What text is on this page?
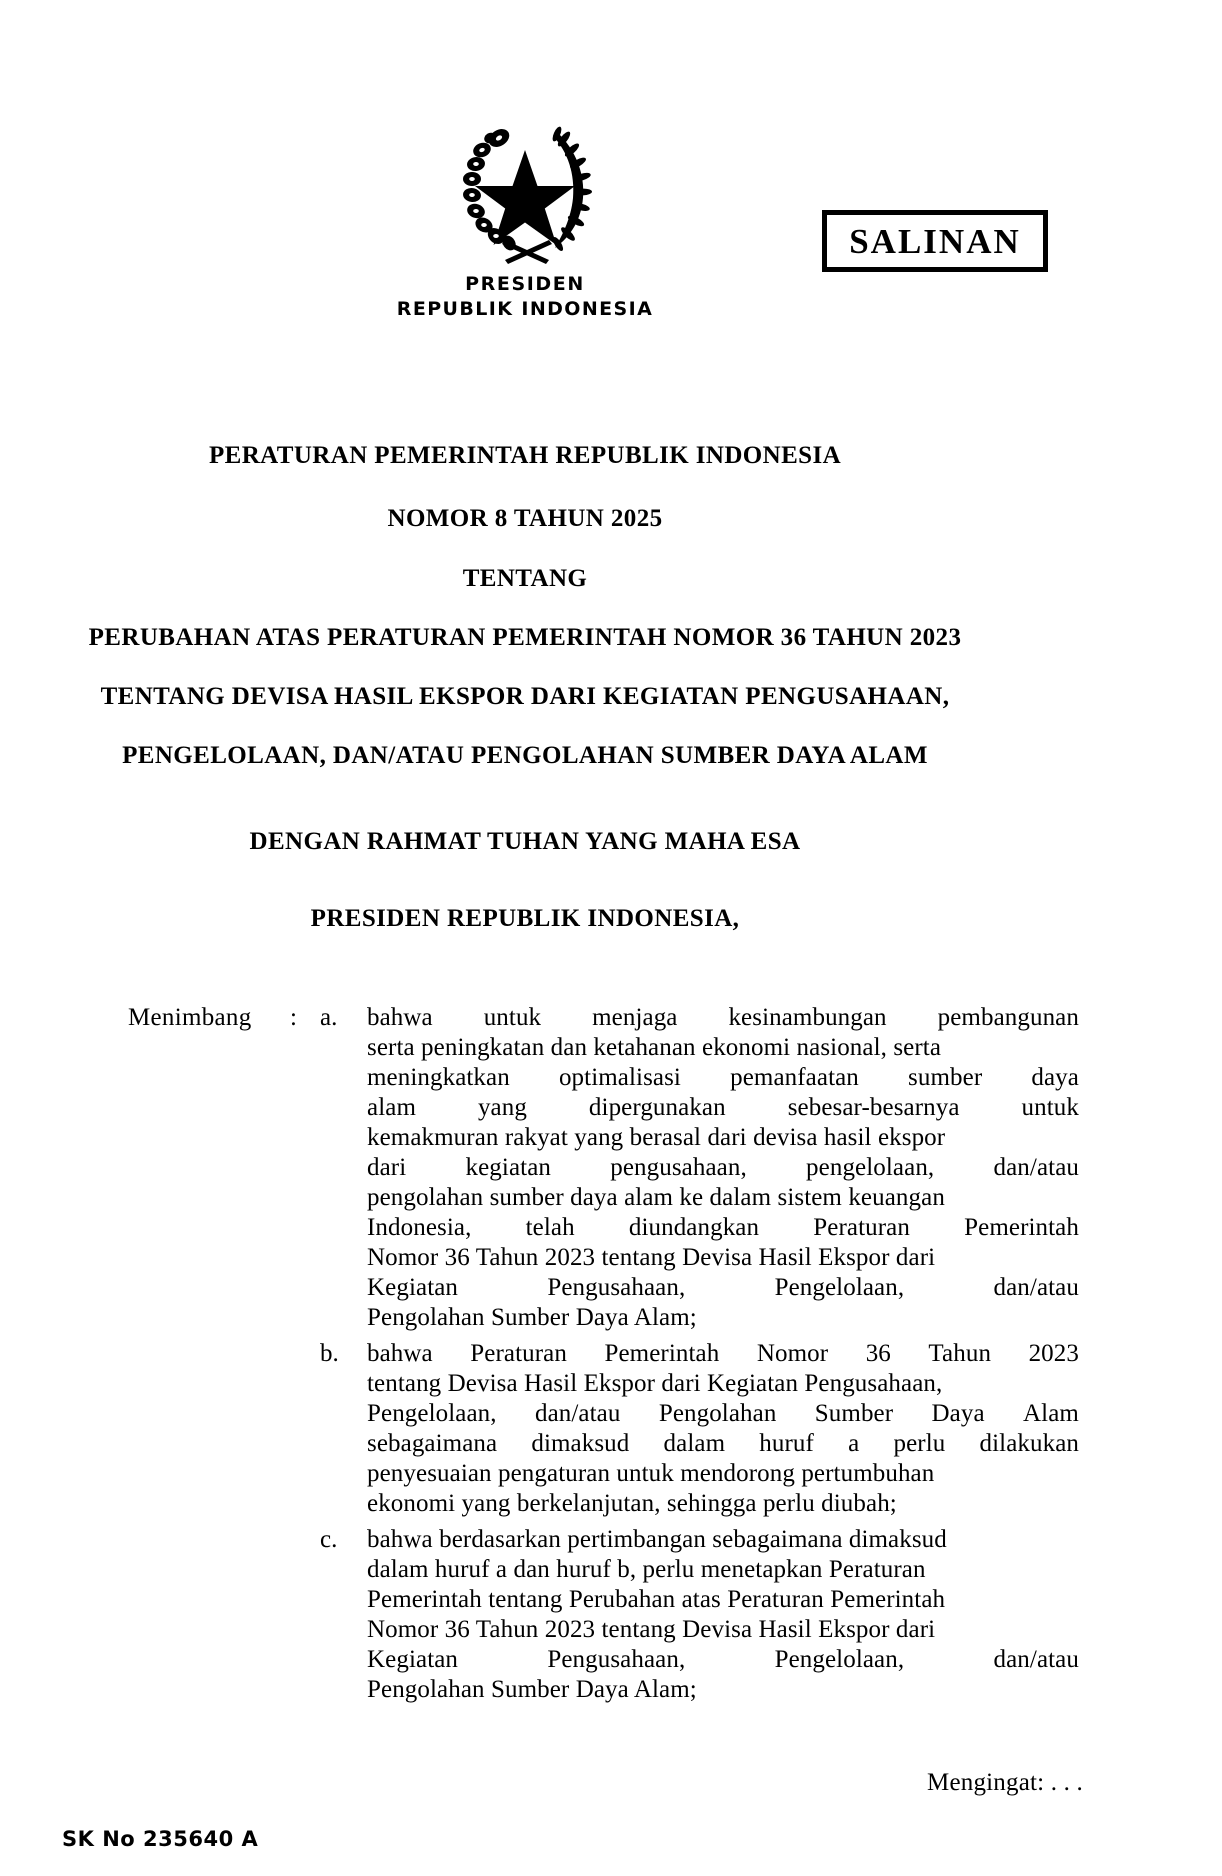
PRESIDEN
REPUBLIK INDONESIA
SALINAN
PERATURAN PEMERINTAH REPUBLIK INDONESIA
NOMOR 8 TAHUN 2025
TENTANG
PERUBAHAN ATAS PERATURAN PEMERINTAH NOMOR 36 TAHUN 2023
TENTANG DEVISA HASIL EKSPOR DARI KEGIATAN PENGUSAHAAN,
PENGELOLAAN, DAN/ATAU PENGOLAHAN SUMBER DAYA ALAM
DENGAN RAHMAT TUHAN YANG MAHA ESA
PRESIDEN REPUBLIK INDONESIA,
Menimbang : a.	bahwa untuk menjaga kesinambungan pembangunan
serta peningkatan dan ketahanan ekonomi nasional, serta
meningkatkan optimalisasi pemanfaatan sumber daya
alam yang dipergunakan sebesar-besarnya untuk
kemakmuran rakyat yang berasal dari devisa hasil ekspor
dari kegiatan pengusahaan, pengelolaan, dan/atau
pengolahan sumber daya alam ke dalam sistem keuangan
Indonesia, telah diundangkan Peraturan Pemerintah
Nomor 36 Tahun 2023 tentang Devisa Hasil Ekspor dari
Kegiatan	Pengusahaan,	Pengelolaan,	dan/atau
Pengolahan Sumber Daya Alam;
b.	bahwa Peraturan Pemerintah Nomor 36 Tahun 2023
tentang Devisa Hasil Ekspor dari Kegiatan Pengusahaan,
Pengelolaan, dan/atau Pengolahan Sumber Daya Alam
sebagaimana dimaksud dalam huruf a perlu dilakukan
penyesuaian pengaturan untuk mendorong pertumbuhan
ekonomi yang berkelanjutan, sehingga perlu diubah;
c.	bahwa berdasarkan pertimbangan sebagaimana dimaksud
dalam huruf a dan huruf b, perlu menetapkan Peraturan
Pemerintah tentang Perubahan atas Peraturan Pemerintah
Nomor 36 Tahun 2023 tentang Devisa Hasil Ekspor dari
Kegiatan	Pengusahaan,	Pengelolaan,	dan/atau
Pengolahan Sumber Daya Alam;
Mengingat: . . .
SK No 235640 A
